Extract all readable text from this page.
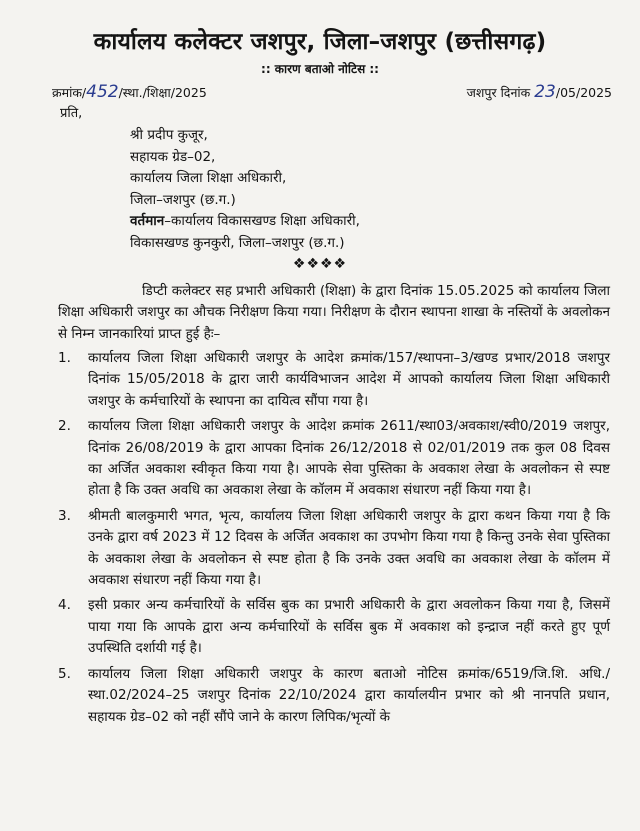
कार्यालय कलेक्टर जशपुर, जिला–जशपुर (छत्तीसगढ़)
:: कारण बताओ नोटिस ::
क्रमांक/452/स्था./शिक्षा/2025	जशपुर दिनांक 23/05/2025
प्रति,
श्री प्रदीप कुजूर,
सहायक ग्रेड–02,
कार्यालय जिला शिक्षा अधिकारी,
जिला–जशपुर (छ.ग.)
वर्तमान–कार्यालय विकासखण्ड शिक्षा अधिकारी,
विकासखण्ड कुनकुरी, जिला–जशपुर (छ.ग.)
❖❖❖❖

डिप्टी कलेक्टर सह प्रभारी अधिकारी (शिक्षा) के द्वारा दिनांक 15.05.2025 को कार्यालय जिला शिक्षा अधिकारी जशपुर का औचक निरीक्षण किया गया। निरीक्षण के दौरान स्थापना शाखा के नस्तियों के अवलोकन से निम्न जानकारियां प्राप्त हुई हैः–

1. कार्यालय जिला शिक्षा अधिकारी जशपुर के आदेश क्रमांक/157/स्थापना–3/खण्ड प्रभार/2018 जशपुर दिनांक 15/05/2018 के द्वारा जारी कार्यविभाजन आदेश में आपको कार्यालय जिला शिक्षा अधिकारी जशपुर के कर्मचारियों के स्थापना का दायित्व सौंपा गया है।
2. कार्यालय जिला शिक्षा अधिकारी जशपुर के आदेश क्रमांक 2611/स्था03/अवकाश/स्वी0/2019 जशपुर, दिनांक 26/08/2019 के द्वारा आपका दिनांक 26/12/2018 से 02/01/2019 तक कुल 08 दिवस का अर्जित अवकाश स्वीकृत किया गया है। आपके सेवा पुस्तिका के अवकाश लेखा के अवलोकन से स्पष्ट होता है कि उक्त अवधि का अवकाश लेखा के कॉलम में अवकाश संधारण नहीं किया गया है।
3. श्रीमती बालकुमारी भगत, भृत्य, कार्यालय जिला शिक्षा अधिकारी जशपुर के द्वारा कथन किया गया है कि उनके द्वारा वर्ष 2023 में 12 दिवस के अर्जित अवकाश का उपभोग किया गया है किन्तु उनके सेवा पुस्तिका के अवकाश लेखा के अवलोकन से स्पष्ट होता है कि उनके उक्त अवधि का अवकाश लेखा के कॉलम में अवकाश संधारण नहीं किया गया है।
4. इसी प्रकार अन्य कर्मचारियों के सर्विस बुक का प्रभारी अधिकारी के द्वारा अवलोकन किया गया है, जिसमें पाया गया कि आपके द्वारा अन्य कर्मचारियों के सर्विस बुक में अवकाश को इन्द्राज नहीं करते हुए पूर्ण उपस्थिति दर्शायी गई है।
5. कार्यालय जिला शिक्षा अधिकारी जशपुर के कारण बताओ नोटिस क्रमांक/6519/जि.शि. अधि./स्था.02/2024–25 जशपुर दिनांक 22/10/2024 द्वारा कार्यालयीन प्रभार को श्री नानपति प्रधान, सहायक ग्रेड–02 को नहीं सौंपे जाने के कारण लिपिक/भृत्यों के
